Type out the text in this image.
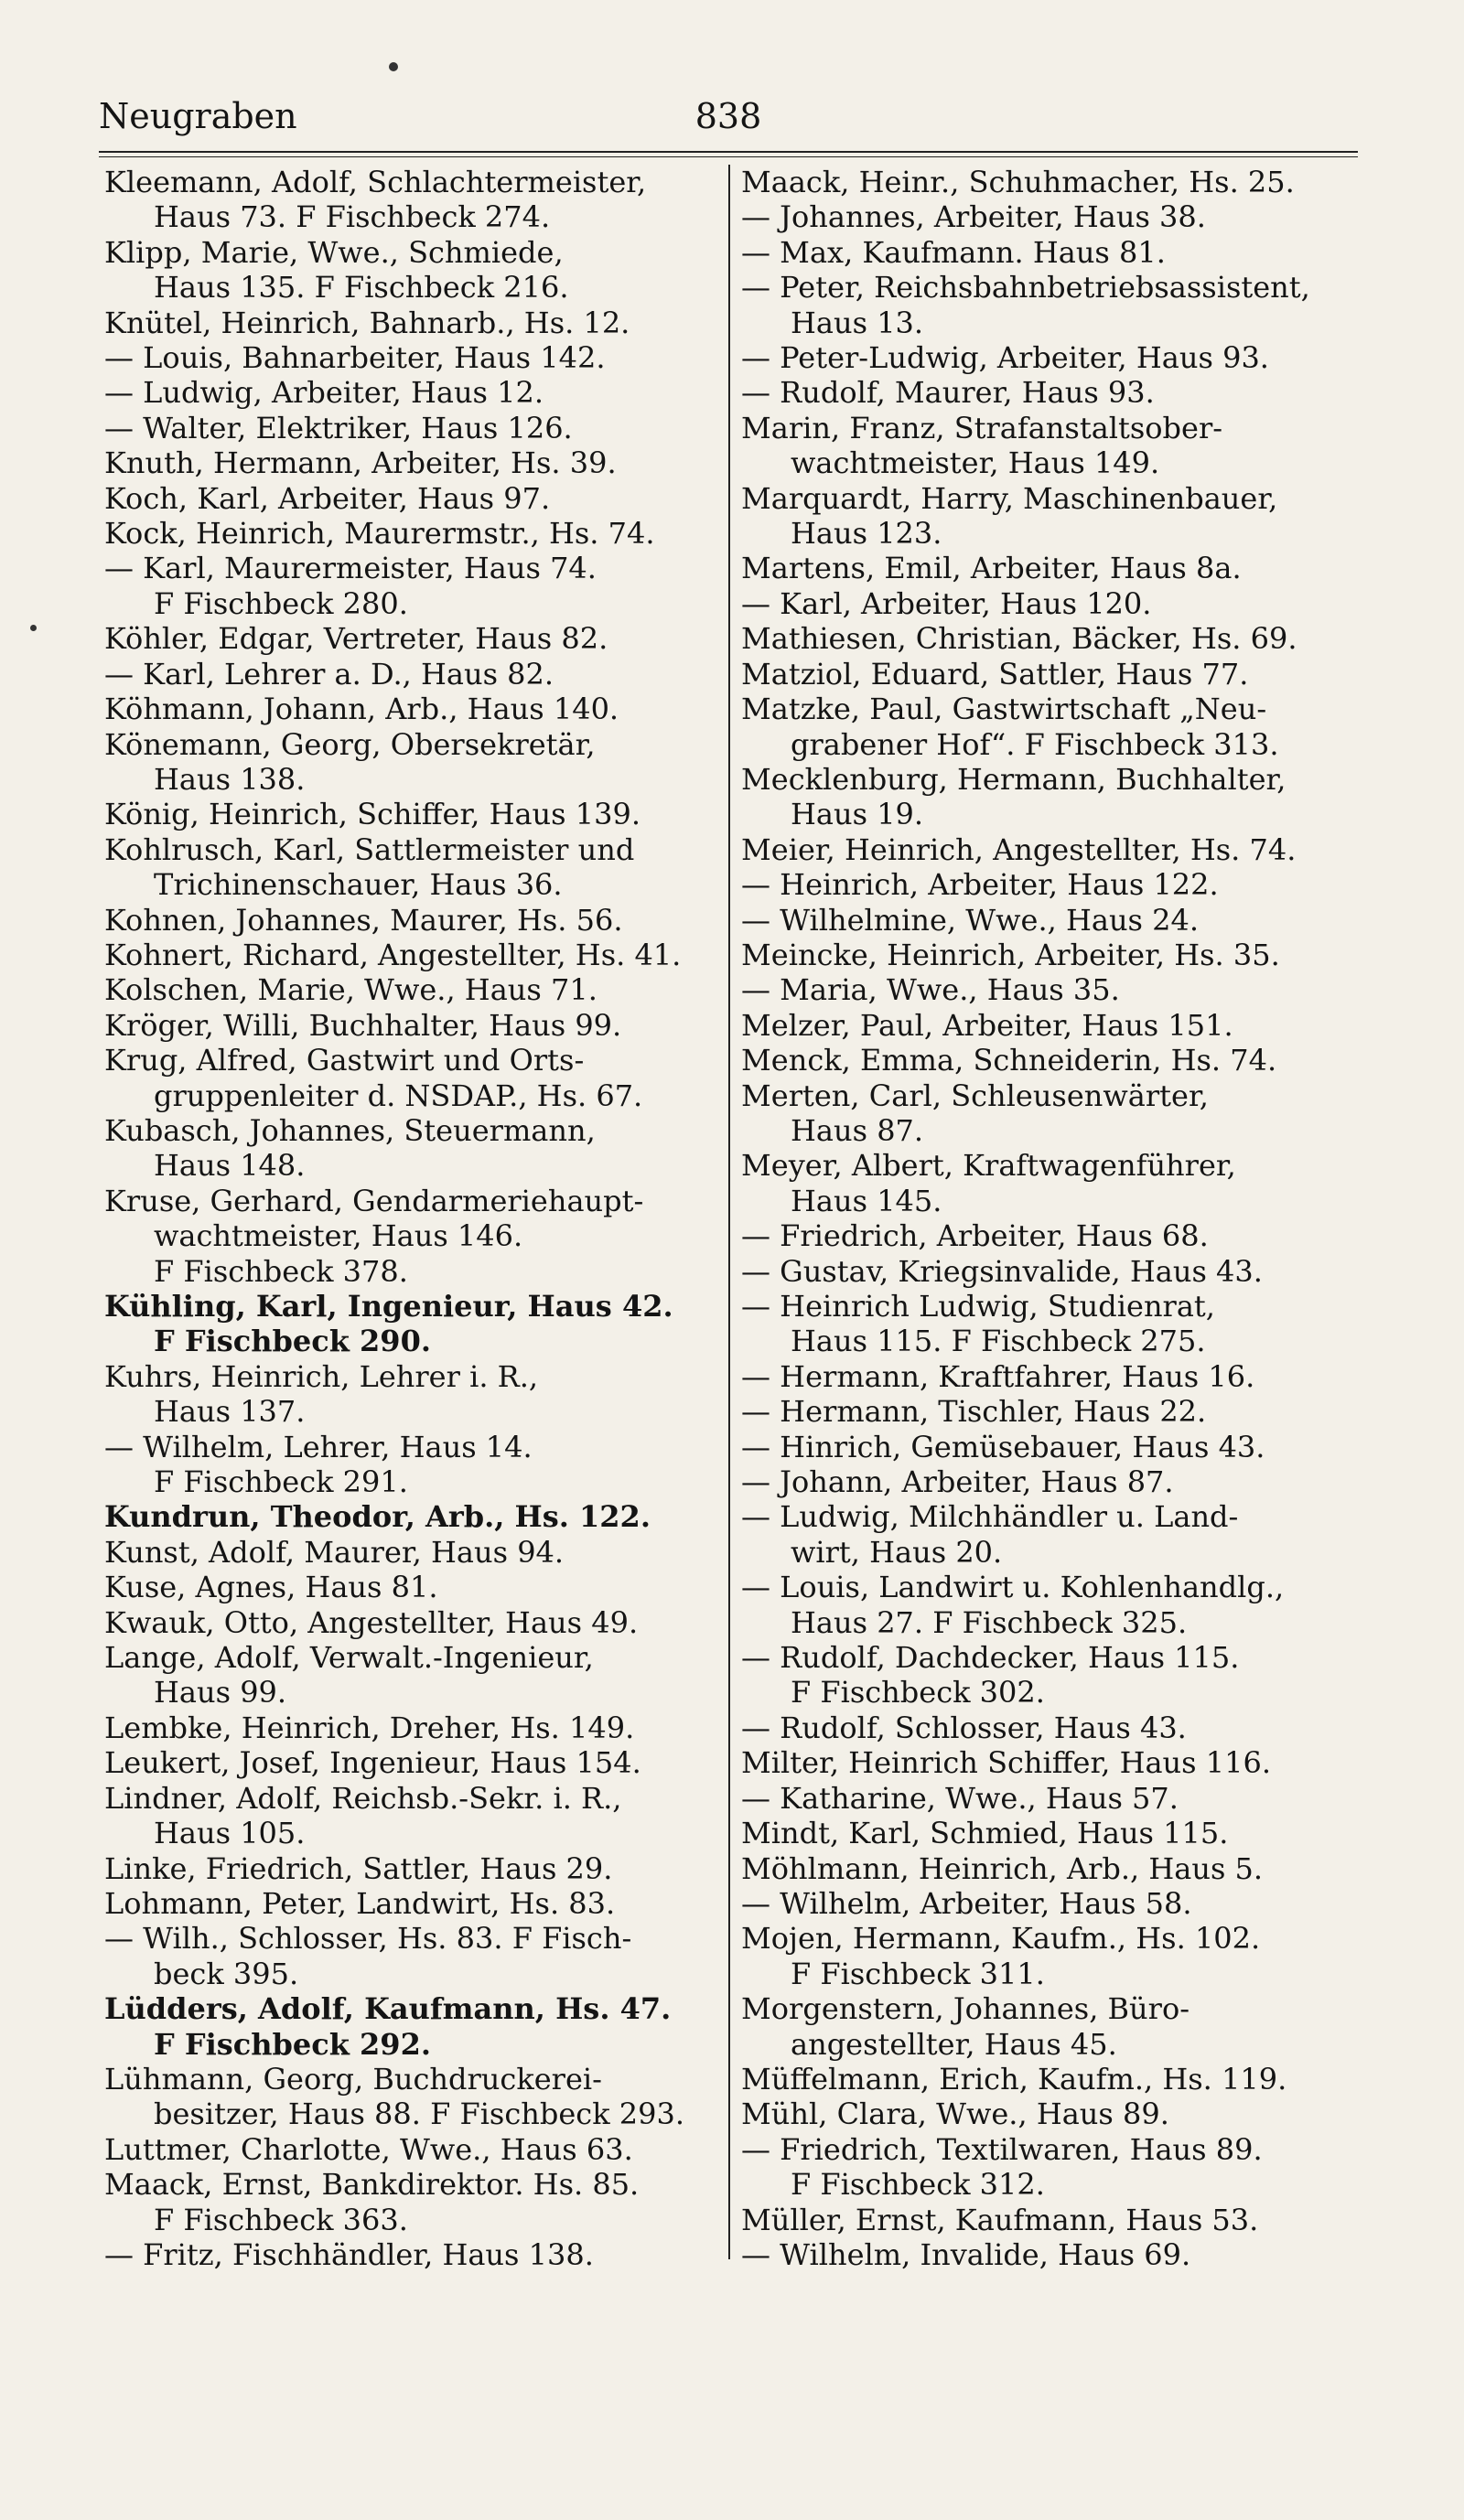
Neugraben	838
Kleemann, Adolf, Schlachtermeister,
Haus 73. F Fischbeck 274.
Klipp, Marie, Wwe., Schmiede,
Haus 135. F Fischbeck 216.
Knütel, Heinrich, Bahnarb., Hs. 12.
— Louis, Bahnarbeiter, Haus 142.
— Ludwig, Arbeiter, Haus 12.
— Walter, Elektriker, Haus 126.
Knuth, Hermann, Arbeiter, Hs. 39.
Koch, Karl, Arbeiter, Haus 97.
Kock, Heinrich, Maurermstr., Hs. 74.
— Karl, Maurermeister, Haus 74.
F Fischbeck 280.
Köhler, Edgar, Vertreter, Haus 82.
— Karl, Lehrer a. D., Haus 82.
Köhmann, Johann, Arb., Haus 140.
Könemann, Georg, Obersekretär,
Haus 138.
König, Heinrich, Schiffer, Haus 139.
Kohlrusch, Karl, Sattlermeister und
Trichinenschauer, Haus 36.
Kohnen, Johannes, Maurer, Hs. 56.
Kohnert, Richard, Angestellter, Hs. 41.
Kolschen, Marie, Wwe., Haus 71.
Kröger, Willi, Buchhalter, Haus 99.
Krug, Alfred, Gastwirt und Orts-
gruppenleiter d. NSDAP., Hs. 67.
Kubasch, Johannes, Steuermann,
Haus 148.
Kruse, Gerhard, Gendarmeriehaupt-
wachtmeister, Haus 146.
F Fischbeck 378.
Kühling, Karl, Ingenieur, Haus 42.
F Fischbeck 290.
Kuhrs, Heinrich, Lehrer i. R.,
Haus 137.
— Wilhelm, Lehrer, Haus 14.
F Fischbeck 291.
Kundrun, Theodor, Arb., Hs. 122.
Kunst, Adolf, Maurer, Haus 94.
Kuse, Agnes, Haus 81.
Kwauk, Otto, Angestellter, Haus 49.
Lange, Adolf, Verwalt.-Ingenieur,
Haus 99.
Lembke, Heinrich, Dreher, Hs. 149.
Leukert, Josef, Ingenieur, Haus 154.
Lindner, Adolf, Reichsb.-Sekr. i. R.,
Haus 105.
Linke, Friedrich, Sattler, Haus 29.
Lohmann, Peter, Landwirt, Hs. 83.
— Wilh., Schlosser, Hs. 83. F Fisch-
beck 395.
Lüdders, Adolf, Kaufmann, Hs. 47.
F Fischbeck 292.
Lühmann, Georg, Buchdruckerei-
besitzer, Haus 88. F Fischbeck 293.
Luttmer, Charlotte, Wwe., Haus 63.
Maack, Ernst, Bankdirektor. Hs. 85.
F Fischbeck 363.
— Fritz, Fischhändler, Haus 138.
Maack, Heinr., Schuhmacher, Hs. 25.
— Johannes, Arbeiter, Haus 38.
— Max, Kaufmann. Haus 81.
— Peter, Reichsbahnbetriebsassistent,
Haus 13.
— Peter-Ludwig, Arbeiter, Haus 93.
— Rudolf, Maurer, Haus 93.
Marin, Franz, Strafanstaltsober-
wachtmeister, Haus 149.
Marquardt, Harry, Maschinenbauer,
Haus 123.
Martens, Emil, Arbeiter, Haus 8a.
— Karl, Arbeiter, Haus 120.
Mathiesen, Christian, Bäcker, Hs. 69.
Matziol, Eduard, Sattler, Haus 77.
Matzke, Paul, Gastwirtschaft „Neu-
grabener Hof“. F Fischbeck 313.
Mecklenburg, Hermann, Buchhalter,
Haus 19.
Meier, Heinrich, Angestellter, Hs. 74.
— Heinrich, Arbeiter, Haus 122.
— Wilhelmine, Wwe., Haus 24.
Meincke, Heinrich, Arbeiter, Hs. 35.
— Maria, Wwe., Haus 35.
Melzer, Paul, Arbeiter, Haus 151.
Menck, Emma, Schneiderin, Hs. 74.
Merten, Carl, Schleusenwärter,
Haus 87.
Meyer, Albert, Kraftwagenführer,
Haus 145.
— Friedrich, Arbeiter, Haus 68.
— Gustav, Kriegsinvalide, Haus 43.
— Heinrich Ludwig, Studienrat,
Haus 115. F Fischbeck 275.
— Hermann, Kraftfahrer, Haus 16.
— Hermann, Tischler, Haus 22.
— Hinrich, Gemüsebauer, Haus 43.
— Johann, Arbeiter, Haus 87.
— Ludwig, Milchhändler u. Land-
wirt, Haus 20.
— Louis, Landwirt u. Kohlenhandlg.,
Haus 27. F Fischbeck 325.
— Rudolf, Dachdecker, Haus 115.
F Fischbeck 302.
— Rudolf, Schlosser, Haus 43.
Milter, Heinrich Schiffer, Haus 116.
— Katharine, Wwe., Haus 57.
Mindt, Karl, Schmied, Haus 115.
Möhlmann, Heinrich, Arb., Haus 5.
— Wilhelm, Arbeiter, Haus 58.
Mojen, Hermann, Kaufm., Hs. 102.
F Fischbeck 311.
Morgenstern, Johannes, Büro-
angestellter, Haus 45.
Müffelmann, Erich, Kaufm., Hs. 119.
Mühl, Clara, Wwe., Haus 89.
— Friedrich, Textilwaren, Haus 89.
F Fischbeck 312.
Müller, Ernst, Kaufmann, Haus 53.
— Wilhelm, Invalide, Haus 69.
